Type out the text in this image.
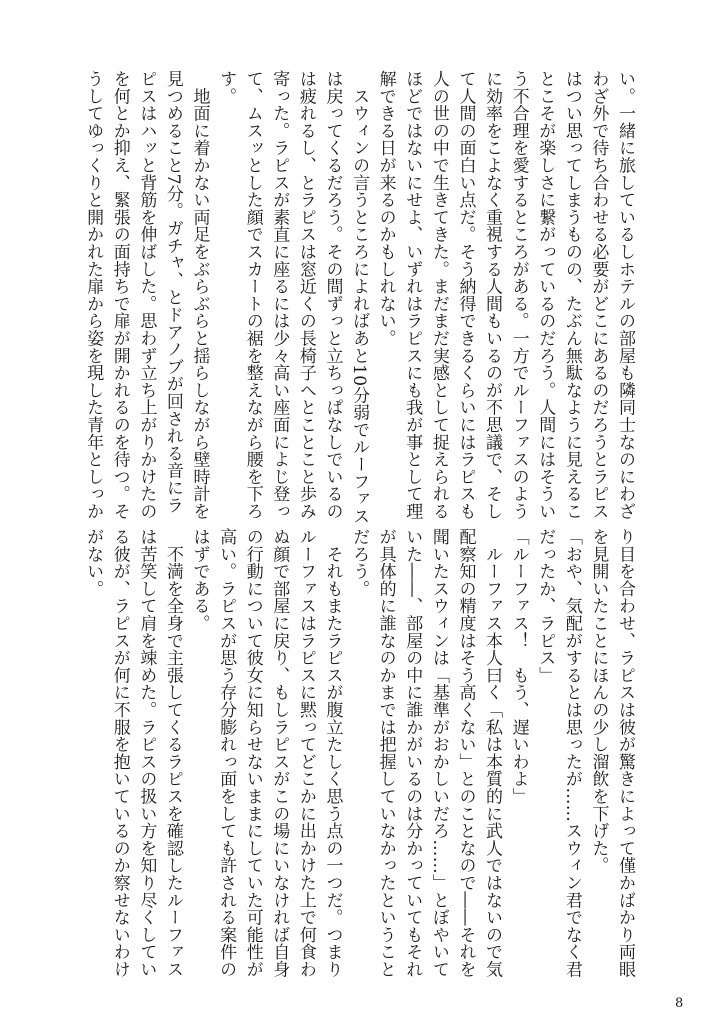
い。一緒に旅しているしホテルの部屋も隣同士なのにわざ
わざ外で待ち合わせる必要がどこにあるのだろうとラピス
はつい思ってしまうものの、たぶん無駄なように見えるこ
とこそが楽しさに繋がっているのだろう。人間にはそうい
う不合理を愛するところがある。一方でルーファスのよう
に効率をこよなく重視する人間もいるのが不思議で、そし
て人間の面白い点だ。そう納得できるくらいにはラピスも
人の世の中で生きてきた。まだまだ実感として捉えられる
ほどではないにせよ、いずれはラピスにも我が事として理
解できる日が来るのかもしれない。
　スウィンの言うところによればあと10分弱でルーファス
は戻ってくるだろう。その間ずっと立ちっぱなしでいるの
は疲れるし、とラピスは窓近くの長椅子へとことこと歩み
寄った。ラピスが素直に座るには少々高い座面によじ登っ
て、ムスッとした顔でスカートの裾を整えながら腰を下ろ
す。
　地面に着かない両足をぶらぶらと揺らしながら壁時計を
見つめること7分。ガチャ、とドアノブが回される音にラ
ピスはハッと背筋を伸ばした。思わず立ち上がりかけたの
を何とか抑え、緊張の面持ちで扉が開かれるのを待つ。そ
うしてゆっくりと開かれた扉から姿を現した青年としっか
り目を合わせ、ラピスは彼が驚きによって僅かばかり両眼
を見開いたことにほんの少し溜飲を下げた。
「おや、気配がするとは思ったが……スウィン君でなく君
だったか、ラピス」
「ルーファス！　もう、遅いわよ」
　ルーファス本人曰く「私は本質的に武人ではないので気
配察知の精度はそう高くない」とのことなので――それを
聞いたスウィンは「基準がおかしいだろ……」とぼやいて
いた――、部屋の中に誰かがいるのは分かっていてもそれ
が具体的に誰なのかまでは把握していなかったということ
だろう。
　それもまたラピスが腹立たしく思う点の一つだ。つまり
ルーファスはラピスに黙ってどこかに出かけた上で何食わ
ぬ顔で部屋に戻り、もしラピスがこの場にいなければ自身
の行動について彼女に知らせないままにしていた可能性が
高い。ラピスが思う存分膨れっ面をしても許される案件の
はずである。
　不満を全身で主張してくるラピスを確認したルーファス
は苦笑して肩を竦めた。ラピスの扱い方を知り尽くしてい
る彼が、ラピスが何に不服を抱いているのか察せないわけ
がない。
8
